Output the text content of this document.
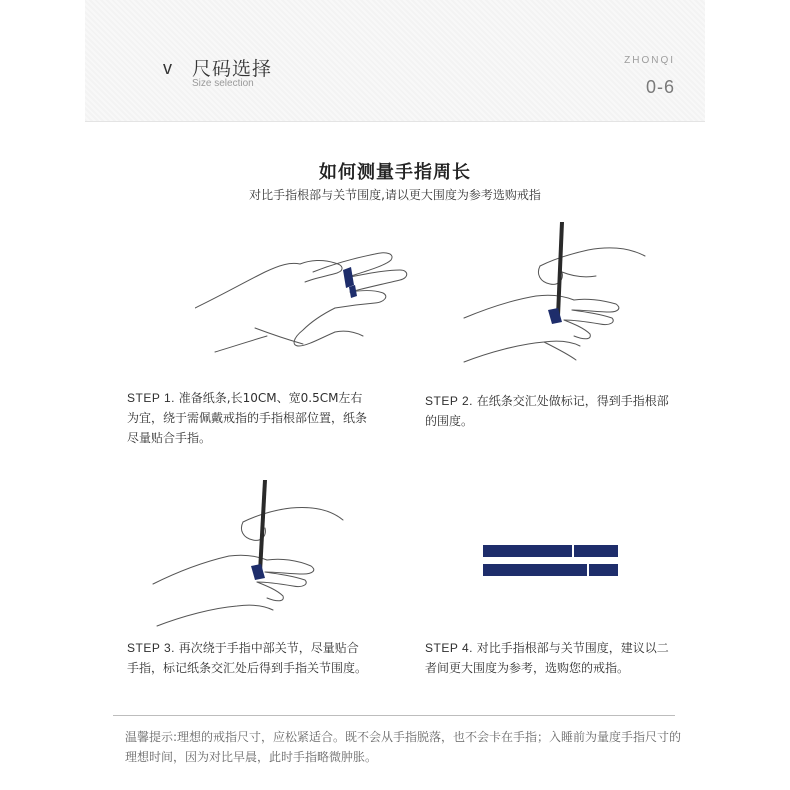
v 尺码选择
Size selection
ZHONQI
0-6
如何测量手指周长
对比手指根部与关节围度,请以更大围度为参考选购戒指
STEP 1. 准备纸条,长10CM、宽0.5CM左右为宜，绕于需佩戴戒指的手指根部位置，纸条尽量贴合手指。
STEP 2. 在纸条交汇处做标记，得到手指根部的围度。
STEP 3. 再次绕于手指中部关节，尽量贴合手指，标记纸条交汇处后得到手指关节围度。
STEP 4. 对比手指根部与关节围度，建议以二者间更大围度为参考，选购您的戒指。
温馨提示:理想的戒指尺寸，应松紧适合。既不会从手指脱落，也不会卡在手指；入睡前为量度手指尺寸的理想时间，因为对比早晨，此时手指略微肿胀。
